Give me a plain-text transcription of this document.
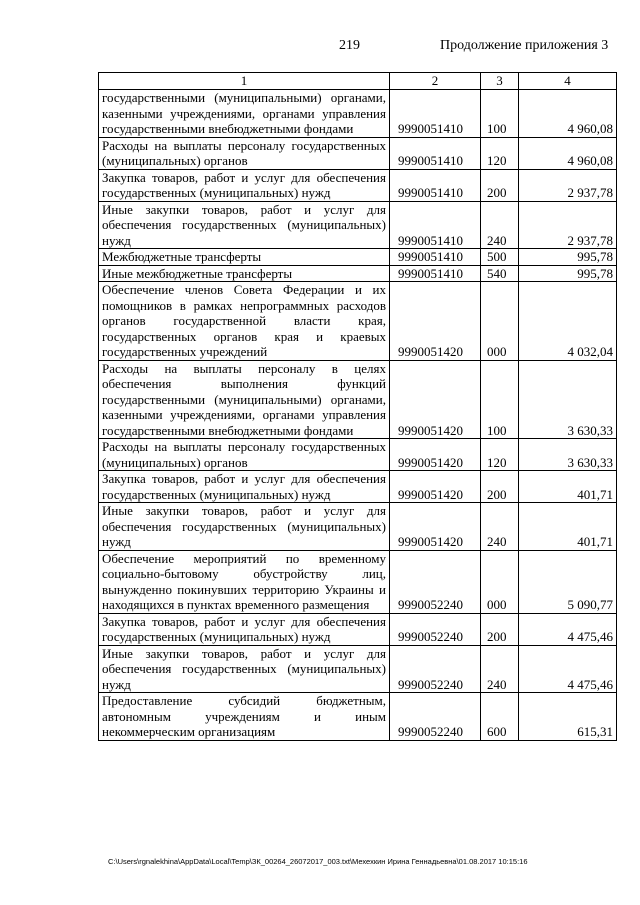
219	Продолжение приложения 3
1	2	3	4
государственными (муниципальными) органами, казенными учреждениями, органами управления государственными внебюджетными фондами	9990051410	100	4 960,08
Расходы на выплаты персоналу государственных (муниципальных) органов	9990051410	120	4 960,08
Закупка товаров, работ и услуг для обеспечения государственных (муниципальных) нужд	9990051410	200	2 937,78
Иные закупки товаров, работ и услуг для обеспечения государственных (муниципальных) нужд	9990051410	240	2 937,78
Межбюджетные трансферты	9990051410	500	995,78
Иные межбюджетные трансферты	9990051410	540	995,78
Обеспечение членов Совета Федерации и их помощников в рамках непрограммных расходов органов государственной власти края, государственных органов края и краевых государственных учреждений	9990051420	000	4 032,04
Расходы на выплаты персоналу в целях обеспечения выполнения функций государственными (муниципальными) органами, казенными учреждениями, органами управления государственными внебюджетными фондами	9990051420	100	3 630,33
Расходы на выплаты персоналу государственных (муниципальных) органов	9990051420	120	3 630,33
Закупка товаров, работ и услуг для обеспечения государственных (муниципальных) нужд	9990051420	200	401,71
Иные закупки товаров, работ и услуг для обеспечения государственных (муниципальных) нужд	9990051420	240	401,71
Обеспечение мероприятий по временному социально-бытовому обустройству лиц, вынужденно покинувших территорию Украины и находящихся в пунктах временного размещения	9990052240	000	5 090,77
Закупка товаров, работ и услуг для обеспечения государственных (муниципальных) нужд	9990052240	200	4 475,46
Иные закупки товаров, работ и услуг для обеспечения государственных (муниципальных) нужд	9990052240	240	4 475,46
Предоставление субсидий бюджетным, автономным учреждениям и иным некоммерческим организациям	9990052240	600	615,31
C:\Users\rgnalekhina\AppData\Local\Temp\ЗК_00264_26072017_003.txt\Мехехкин Ирина Геннадьевна\01.08.2017 10:15:16
